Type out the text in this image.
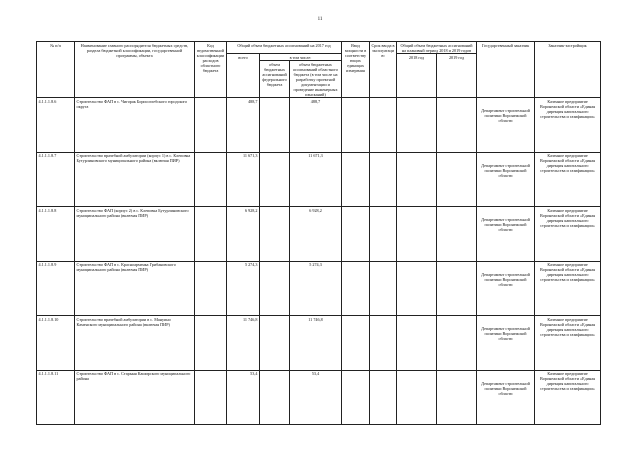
11
№ п/п	Наименование главного распорядителя бюджетных средств, раздела бюджетной классификации, государственной программы, объекта	Код ведомственной классификации расходов областного бюджета	Общий объем бюджетных ассигнований на 2017 год			Ввод мощности в соответствующих единицах измерения	Срок ввода в эксплуатацию	Общий объем бюджетных ассигнований на плановый период 2018 и 2019 годов		Государственный заказчик	Заказчик-застройщик
			всего	в том числе:				2018 год	2019 год		
				объем бюджетных ассигнований федерального бюджета	объем бюджетных ассигнований областного бюджета (в том числе на разработку проектной документации и проведение инженерных изысканий)						
4.1.1.1.8.6	Строительство ФАП в с. Чигорак Борисоглебского городского округа		488,7		488,7					Департамент строительной политики Воронежской области	Казенное предприятие Воронежской области «Единая дирекция капитального строительства и газификации»
4.1.1.1.8.7	Строительство врачебной амбулатории (корпус 1) в с. Клеповка Бутурлиновского муниципального района (включая ПИР)		11 671,3		11 671,3					Департамент строительной политики Воронежской области	Казенное предприятие Воронежской области «Единая дирекция капитального строительства и газификации»
4.1.1.1.8.8	Строительство ФАП (корпус 2) в с. Клеповка Бутурлиновского муниципального района (включая ПИР)		6 928,2		6 928,2					Департамент строительной политики Воронежской области	Казенное предприятие Воронежской области «Единая дирекция капитального строительства и газификации»
4.1.1.1.8.9	Строительство ФАП в с. Красноарменка Грибановского муниципального района (включая ПИР)		5 274,3		5 274,3					Департамент строительной политики Воронежской области	Казенное предприятие Воронежской области «Единая дирекция капитального строительства и газификации»
4.1.1.1.8.10	Строительство врачебной амбулатории в с. Мануино Каменского муниципального района (включая ПИР)		11 746,8		11 746,8					Департамент строительной политики Воронежской области	Казенное предприятие Воронежской области «Единая дирекция капитального строительства и газификации»
4.1.1.1.8.11	Строительство ФАП в с. Старыня Каширского муниципального района		53,4		53,4					Департамент строительной политики Воронежской области	Казенное предприятие Воронежской области «Единая дирекция капитального строительства и газификации»
